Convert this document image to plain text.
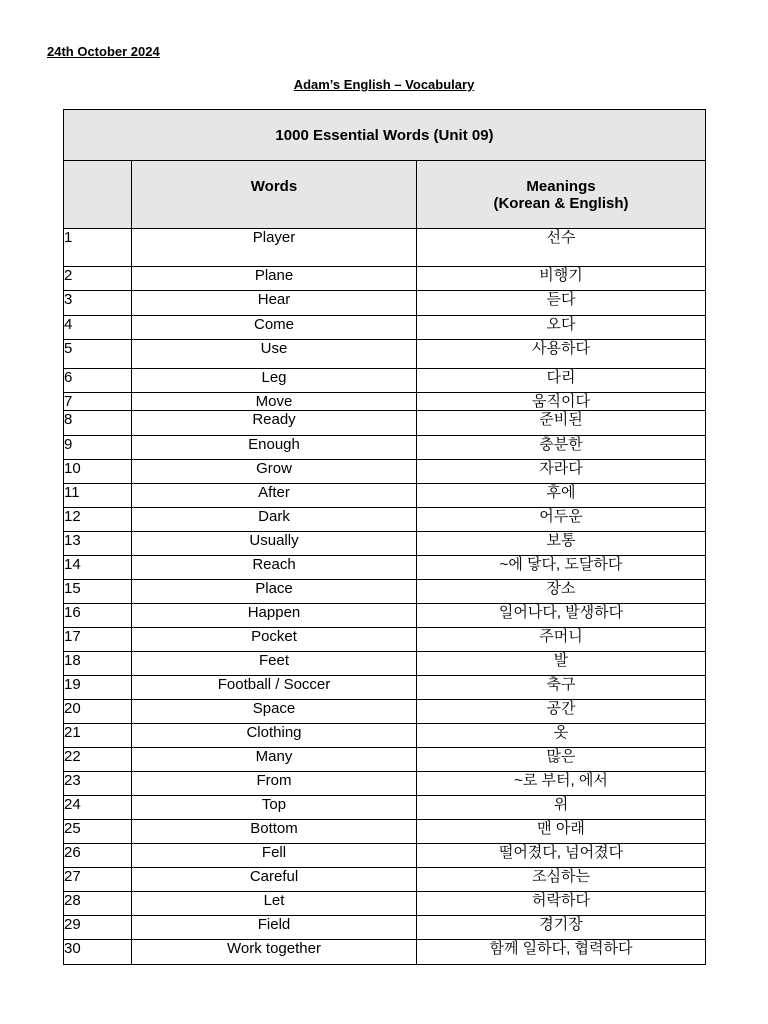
24th October 2024
Adam’s English – Vocabulary
1000 Essential Words (Unit 09)		

	Words	Meanings
(Korean & English)

1	Player	선수
2	Plane	비행기
3	Hear	듣다
4	Come	오다
5	Use	사용하다
6	Leg	다리
7	Move	움직이다
8	Ready	준비된
9	Enough	충분한
10	Grow	자라다
11	After	후에
12	Dark	어두운
13	Usually	보통
14	Reach	~에 닿다, 도달하다
15	Place	장소
16	Happen	일어나다, 발생하다
17	Pocket	주머니
18	Feet	발
19	Football / Soccer	축구
20	Space	공간
21	Clothing	옷
22	Many	많은
23	From	~로 부터, 에서
24	Top	위
25	Bottom	맨 아래
26	Fell	떨어졌다, 넘어졌다
27	Careful	조심하는
28	Let	허락하다
29	Field	경기장
30	Work together	함께 일하다, 협력하다
